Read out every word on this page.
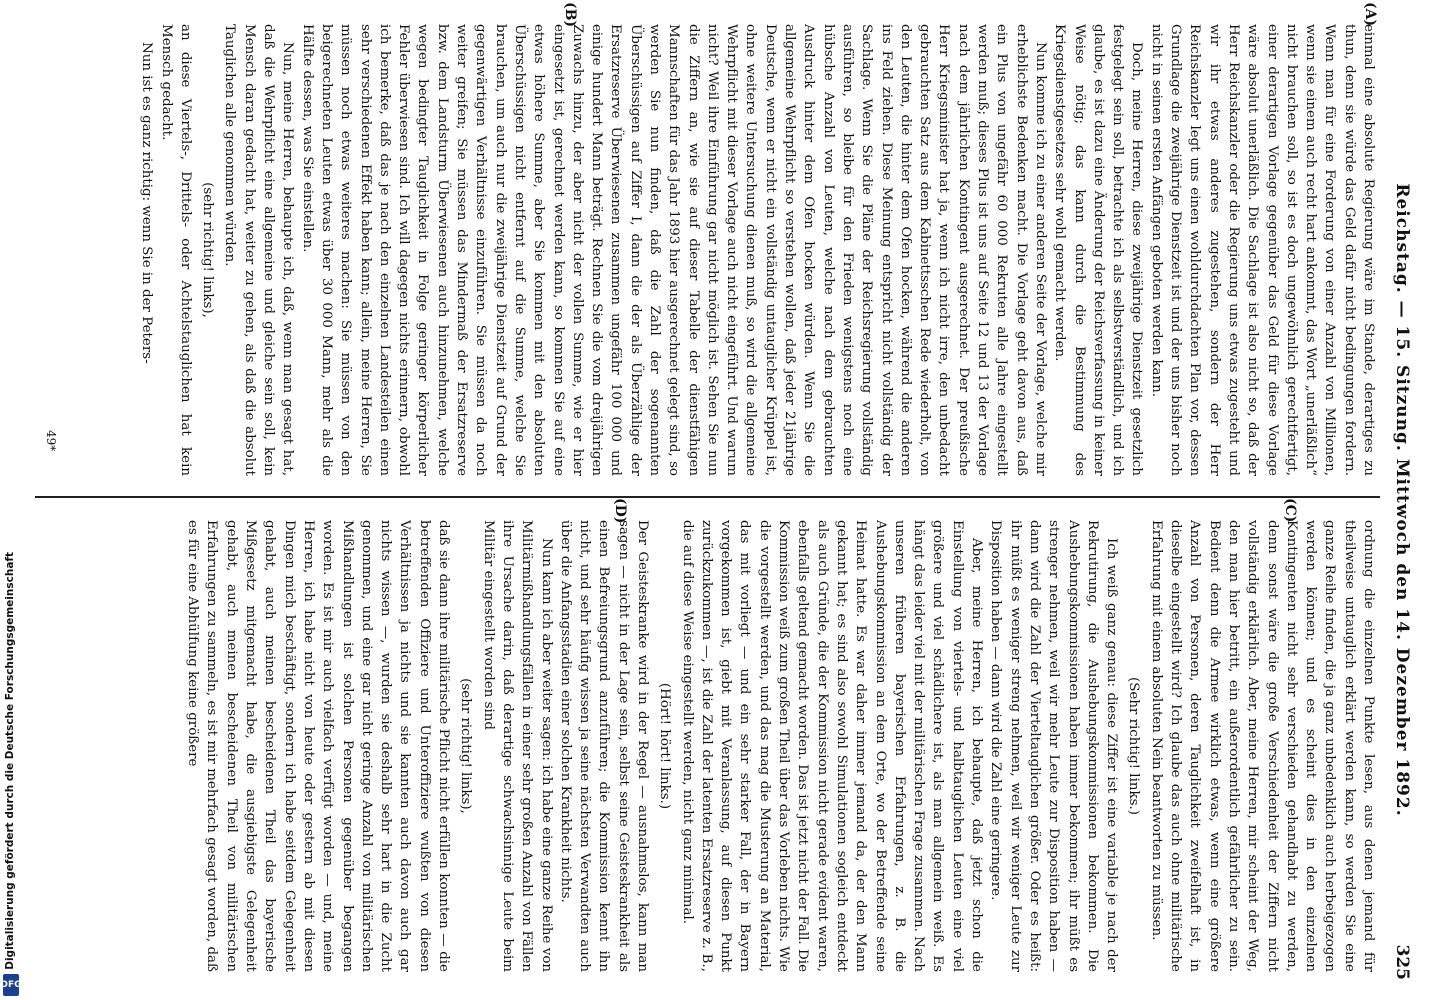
Digitalisierung gefördert durch die Deutsche Forschungsgemeinschaft
DFG
Reichstag. — 15. Sitzung. Mittwoch den 14. Dezember 1892.
325
(A)
(B)
(C)
(D)

einmal eine absolute Regierung wäre im Stande, derartiges zu thun, denn sie würde das Geld dafür nicht bedingungen fordern. Wenn man für eine Forderung von einer Anzahl von Millionen, wenn sie einem auch recht hart ankommt, das Wort „unerläßlich“ nicht brauchen soll, so ist es doch ungewöhnlich gerechtfertigt, einer derartigen Vorlage gegenüber das Geld für diese Vorlage wäre absolut unerläßlich. Die Sachlage ist also nicht so, daß der Herr Reichskanzler oder die Regierung uns etwas zugesteht und wir ihr etwas anderes zugestehen, sondern der Herr Reichskanzler legt uns einen wohldurchdachten Plan vor, dessen Grundlage die zweijährige Dienstzeit ist und der uns bisher noch nicht in seinen ersten Anfängen geboten werden kann.

Doch, meine Herren, diese zweijährige Dienstzeit gesetzlich festgelegt sein soll, betrachte ich als selbstverständlich, und ich glaube, es ist dazu eine Änderung der Reichsverfassung in keiner Weise nötig; das kann durch die Bestimmung des Kriegsdienstgesetzes sehr wohl gemacht werden.

Nun komme ich zu einer anderen Seite der Vorlage, welche mir erheblichste Bedenken macht. Die Vorlage geht davon aus, daß ein Plus von ungefähr 60 000 Rekruten alle Jahre eingestellt werden muß; dieses Plus ist uns auf Seite 12 und 13 der Vorlage nach dem jährlichen Kontingent ausgerechnet. Der preußische Herr Kriegsminister hat ja, wenn ich nicht irre, den unbedacht gebrauchten Satz aus dem Kabinettsschen Rede wiederholt, von den Leuten, die hinter dem Ofen hocken, während die anderen ins Feld ziehen. Diese Meinung entspricht nicht vollständig der Sachlage. Wenn Sie die Pläne der Reichsregierung vollständig ausführen, so bleibe für den Frieden wenigstens noch eine hübsche Anzahl von Leuten, welche nach dem gebrauchten Ausdruck hinter dem Ofen hocken würden. Wenn Sie die allgemeine Wehrpflicht so verstehen wollen, daß jeder 21jährige Deutsche, wenn er nicht ein vollständig untauglicher Krüppel ist, ohne weitere Untersuchung dienen muß, so wird die allgemeine Wehrpflicht mit dieser Vorlage auch nicht eingeführt. Und warum nicht? Weil ihre Einführung gar nicht möglich ist. Sehen Sie nun die Ziffern an, wie sie auf dieser Tabelle der dienstfähigen Mannschaften für das Jahr 1893 hier ausgerechnet gelegt sind, so werden Sie nun finden, daß die Zahl der sogenannten Überschüssigen auf Ziffer I, dann die der als Überzählige der Ersatzreserve Überwiesenen zusammen ungefähr 100 000 und einige hundert Mann beträgt. Rechnen Sie die vom dreijährigen Zuwachs hinzu, der aber nicht der vollen Summe, wie er hier eingesetzt ist, gerechnet werden kann, so kommen Sie auf eine etwas höhere Summe, aber Sie kommen mit den absoluten Überschüssigen nicht entfernt auf die Summe, welche Sie brauchen, um auch nur die zweijährige Dienstzeit auf Grund der gegenwärtigen Verhältnisse einzuführen. Sie müssen da noch weiter greifen; Sie müssen das Mindermaß der Ersatzreserve bzw. dem Landsturm Überwiesenen auch hinzunehmen, welche wegen bedingter Tauglichkeit in Folge geringer körperlicher Fehler überwiesen sind. Ich will dagegen nichts erinnern, obwohl ich bemerke, daß das je nach den einzelnen Landesteilen einen sehr verschiedenen Effekt haben kann; allein, meine Herren, Sie müssen noch etwas weiteres machen: Sie müssen von den beigerechneten Leuten etwas über 30 000 Mann, mehr als die Hälfte dessen, was Sie einstellen.

Nun, meine Herren, behaupte ich, daß, wenn man gesagt hat, daß die Wehrpflicht eine allgemeine und gleiche sein soll, kein Mensch daran gedacht hat, weiter zu gehen, als daß die absolut Tauglichen alle genommen würden.

(sehr richtig! links),

an diese Viertels-, Drittels- oder Achtelstauglichen hat kein Mensch gedacht.

Nun ist es ganz richtig: wenn Sie in der Peters-

ordnung die einzelnen Punkte lesen, aus denen jemand für theilweise untauglich erklärt werden kann, so werden Sie eine ganze Reihe finden, die ja ganz unbedenklich auch herbeigezogen werden können; und es scheint dies in den einzelnen Kontingenten nicht sehr verschieden gehandhabt zu werden, denn sonst wäre die große Verschiedenheit der Ziffern nicht vollständig erklärlich. Aber, meine Herren, mir scheint der Weg, den man hier betritt, ein außerordentlich gefährlicher zu sein. Bedient denn die Armee wirklich etwas, wenn eine größere Anzahl von Personen, deren Tauglichkeit zweifelhaft ist, in dieselbe eingestellt wird? Ich glaube das auch ohne militärische Erfahrung mit einem absoluten Nein beantworten zu müssen.

(Sehr richtig! links.)

Ich weiß ganz genau: diese Ziffer ist eine variable je nach der Rekrutirung, die Aushebungskommissionen bekommen. Die Aushebungskommissionen haben immer bekommen; ihr müßt es strenger nehmen, weil wir mehr Leute zur Disposition haben — dann wird die Zahl der Vierteltauglichen größer. Oder es heißt: ihr müßt es weniger streng nehmen, weil wir weniger Leute zur Disposition haben — dann wird die Zahl eine geringere.

Aber, meine Herren, ich behaupte, daß jetzt schon die Einstellung von viertels- und halbtauglichen Leuten eine viel größere und viel schädlichere ist, als man allgemein weiß. Es hängt das leider viel mit der militärischen Frage zusammen. Nach unseren früheren bayerischen Erfahrungen, z. B. die Aushebungskommission an dem Orte, wo der Betreffende seine Heimat hatte. Es war daher immer jemand da, der den Mann gekannt hat; es sind also sowohl Simulationen sogleich entdeckt als auch Gründe, die der Kommission nicht gerade evident waren, ebenfalls geltend gemacht worden. Das ist jetzt nicht der Fall. Die Kommission weiß zum großen Theil über das Vorleben nichts. Wie die vorgestellt werden, und das mag die Musterung an Material, das mit vorliegt — und ein sehr starker Fall, der in Bayern vorgekommen ist, giebt mit Veranlassung, auf diesen Punkt zurückzukommen —, ist die Zahl der latenten Ersatzreserve z. B., die auf diese Weise eingestellt werden, nicht ganz minimal.

(Hört! hört! links.)

Der Geisteskranke wird in der Regel — ausnahmslos, kann man sagen — nicht in der Lage sein, selbst seine Geisteskrankheit als einen Befreiungsgrund anzuführen; die Kommission kennt ihn nicht, und sehr häufig wissen ja seine nächsten Verwandten auch über die Anfangsstadien einer solchen Krankheit nichts.

Nun kann ich aber weiter sagen: ich habe eine ganze Reihe von Militärmißhandlungsfällen in einer sehr großen Anzahl von Fällen ihre Ursache darin, daß derartige schwachsinnige Leute beim Militär eingestellt worden sind

(sehr richtig! links),

daß sie dann ihre militärische Pflicht nicht erfüllen konnten — die betreffenden Offiziere und Unteroffiziere wußten von diesen Verhältnissen ja nichts und sie kannten auch davon auch gar nichts wissen —, wurden sie deshalb sehr hart in die Zucht genommen, und eine gar nicht geringe Anzahl von militärischen Mißhandlungen ist solchen Personen gegenüber begangen worden. Es ist mir auch vielfach verfügt worden — und, meine Herren, ich habe nicht von heute oder gestern ab mit diesen Dingen mich beschäftigt, sondern ich habe seitdem Gelegenheit gehabt, auch meinen bescheidenen Theil das bayerische Mißgesetz mitgemacht habe, die ausgiebigste Gelegenheit gehabt, auch meinen bescheidenen Theil von militärischen Erfahrungen zu sammeln, es ist mir mehrfach gesagt worden, daß es für eine Abhülfung keine größere

49*
